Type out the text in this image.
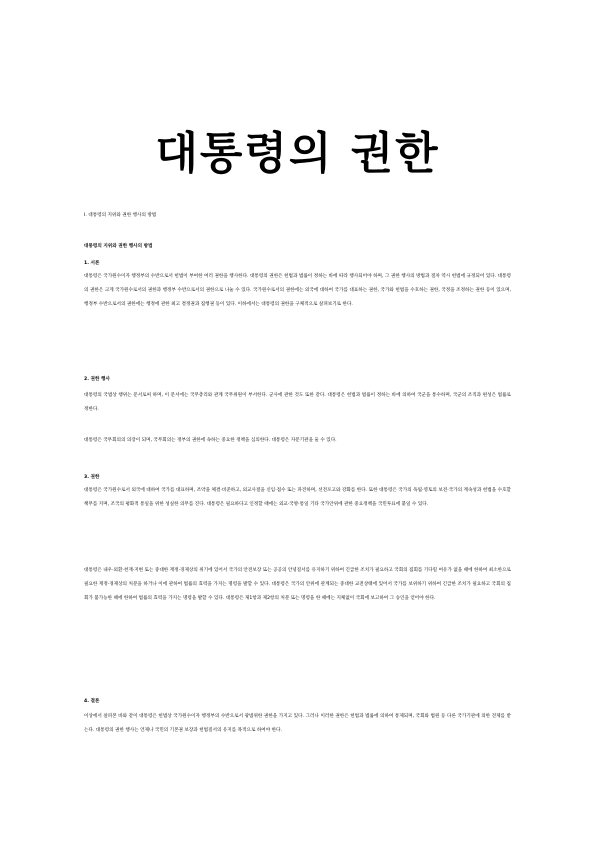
대통령의 권한
Ⅰ. 대통령의 지위와 권한 행사의 방법
대통령의 지위와 권한 행사의 방법
1. 서론
대통령은 국가원수이자 행정부의 수반으로서 헌법이 부여한 여러 권한을 행사한다. 대통령의 권한은 헌법과 법률이 정하는 바에 따라 행사되어야 하며, 그 권한 행사의 방법과 절차 역시 헌법에 규정되어 있다. 대통령의 권한은 크게 국가원수로서의 권한과 행정부 수반으로서의 권한으로 나눌 수 있다. 국가원수로서의 권한에는 외국에 대하여 국가를 대표하는 권한, 국가와 헌법을 수호하는 권한, 국정을 조정하는 권한 등이 있으며, 행정부 수반으로서의 권한에는 행정에 관한 최고 결정권과 집행권 등이 있다. 이하에서는 대통령의 권한을 구체적으로 살펴보기로 한다.
2. 권한 행사
대통령의 국법상 행위는 문서로써 하며, 이 문서에는 국무총리와 관계 국무위원이 부서한다. 군사에 관한 것도 또한 같다. 대통령은 헌법과 법률이 정하는 바에 의하여 국군을 통수하며, 국군의 조직과 편성은 법률로 정한다.
대통령은 국무회의의 의장이 되며, 국무회의는 정부의 권한에 속하는 중요한 정책을 심의한다. 대통령은 자문기관을 둘 수 있다.
3. 권한
대통령은 국가원수로서 외국에 대하여 국가를 대표하며, 조약을 체결·비준하고, 외교사절을 신임·접수 또는 파견하며, 선전포고와 강화를 한다. 또한 대통령은 국가의 독립·영토의 보전·국가의 계속성과 헌법을 수호할 책무를 지며, 조국의 평화적 통일을 위한 성실한 의무를 진다. 대통령은 필요하다고 인정할 때에는 외교·국방·통일 기타 국가안위에 관한 중요정책을 국민투표에 붙일 수 있다.
대통령은 내우·외환·천재·지변 또는 중대한 재정·경제상의 위기에 있어서 국가의 안전보장 또는 공공의 안녕질서를 유지하기 위하여 긴급한 조치가 필요하고 국회의 집회를 기다릴 여유가 없을 때에 한하여 최소한으로 필요한 재정·경제상의 처분을 하거나 이에 관하여 법률의 효력을 가지는 명령을 발할 수 있다. 대통령은 국가의 안위에 관계되는 중대한 교전상태에 있어서 국가를 보위하기 위하여 긴급한 조치가 필요하고 국회의 집회가 불가능한 때에 한하여 법률의 효력을 가지는 명령을 발할 수 있다. 대통령은 제1항과 제2항의 처분 또는 명령을 한 때에는 지체없이 국회에 보고하여 그 승인을 얻어야 한다.
4. 결론
이상에서 살펴본 바와 같이 대통령은 헌법상 국가원수이자 행정부의 수반으로서 광범위한 권한을 가지고 있다. 그러나 이러한 권한은 헌법과 법률에 의하여 통제되며, 국회와 법원 등 다른 국가기관에 의한 견제를 받는다. 대통령의 권한 행사는 언제나 국민의 기본권 보장과 헌법질서의 유지를 목적으로 하여야 한다.
